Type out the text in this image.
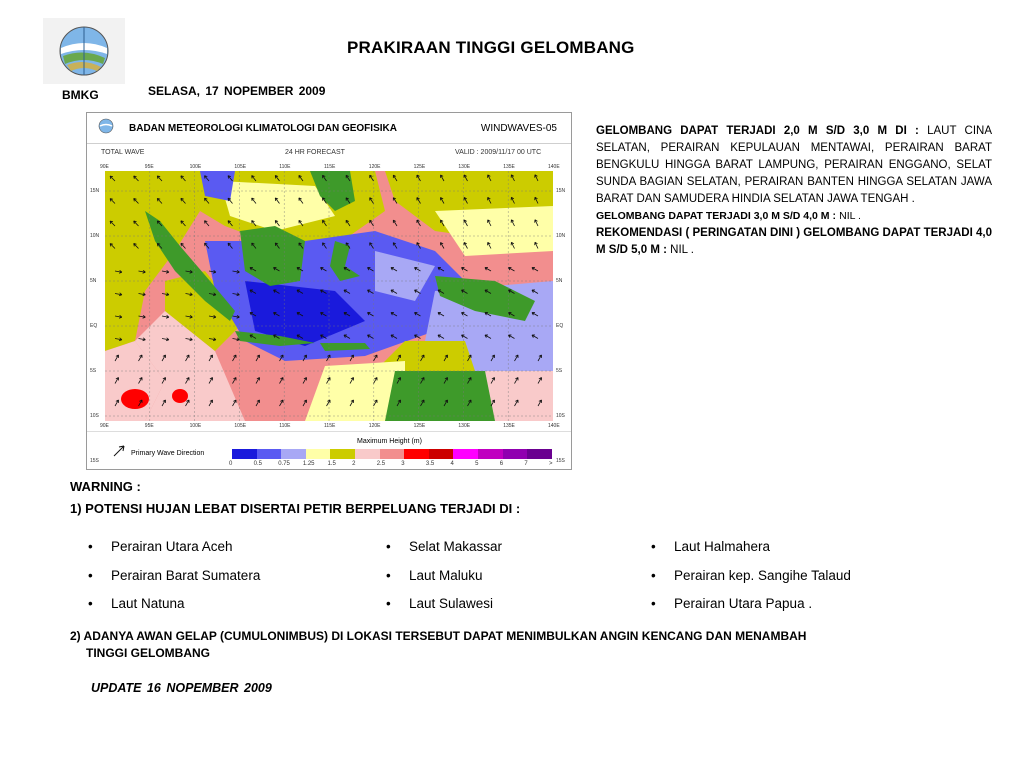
BMKG
PRAKIRAAN TINGGI GELOMBANG
SELASA, 17 NOPEMBER 2009
BADAN METEOROLOGI KLIMATOLOGI DAN GEOFISIKA	WINDWAVES-05
TOTAL WAVE	24 HR FORECAST	VALID : 2009/11/17 00 UTC
90E	95E	100E	105E	110E	115E	120E	125E	130E	135E	140E
90E	95E	100E	105E	110E	115E	120E	125E	130E	135E	140E
15N
10N
5N
EQ
5S
10S
15S
15N
10N
5N
EQ
5S
10S
15S
Primary Wave Direction
Maximum Height (m)
0	0.5	0.75 1.25 1.5	2	2.5	3	3.5	4	5	6	7	>
GELOMBANG DAPAT TERJADI 2,0 M S/D 3,0 M DI : LAUT CINA SELATAN, PERAIRAN KEPULAUAN MENTAWAI, PERAIRAN BARAT BENGKULU HINGGA BARAT LAMPUNG, PERAIRAN ENGGANO, SELAT SUNDA BAGIAN SELATAN, PERAIRAN BANTEN HINGGA SELATAN JAWA BARAT DAN SAMUDERA HINDIA SELATAN JAWA TENGAH .
GELOMBANG DAPAT TERJADI 3,0 M S/D 4,0 M : NIL .
REKOMENDASI ( PERINGATAN DINI ) GELOMBANG DAPAT TERJADI 4,0 M S/D 5,0 M : NIL .
WARNING :
1) POTENSI HUJAN LEBAT DISERTAI PETIR BERPELUANG TERJADI DI :
• Perairan Utara Aceh
• Perairan Barat Sumatera
• Laut Natuna
• Selat Makassar
• Laut Maluku
• Laut Sulawesi
• Laut Halmahera
• Perairan kep. Sangihe Talaud
• Perairan Utara Papua .
2) ADANYA AWAN GELAP (CUMULONIMBUS) DI LOKASI TERSEBUT DAPAT MENIMBULKAN ANGIN KENCANG DAN MENAMBAH
TINGGI GELOMBANG
UPDATE 16 NOPEMBER 2009
